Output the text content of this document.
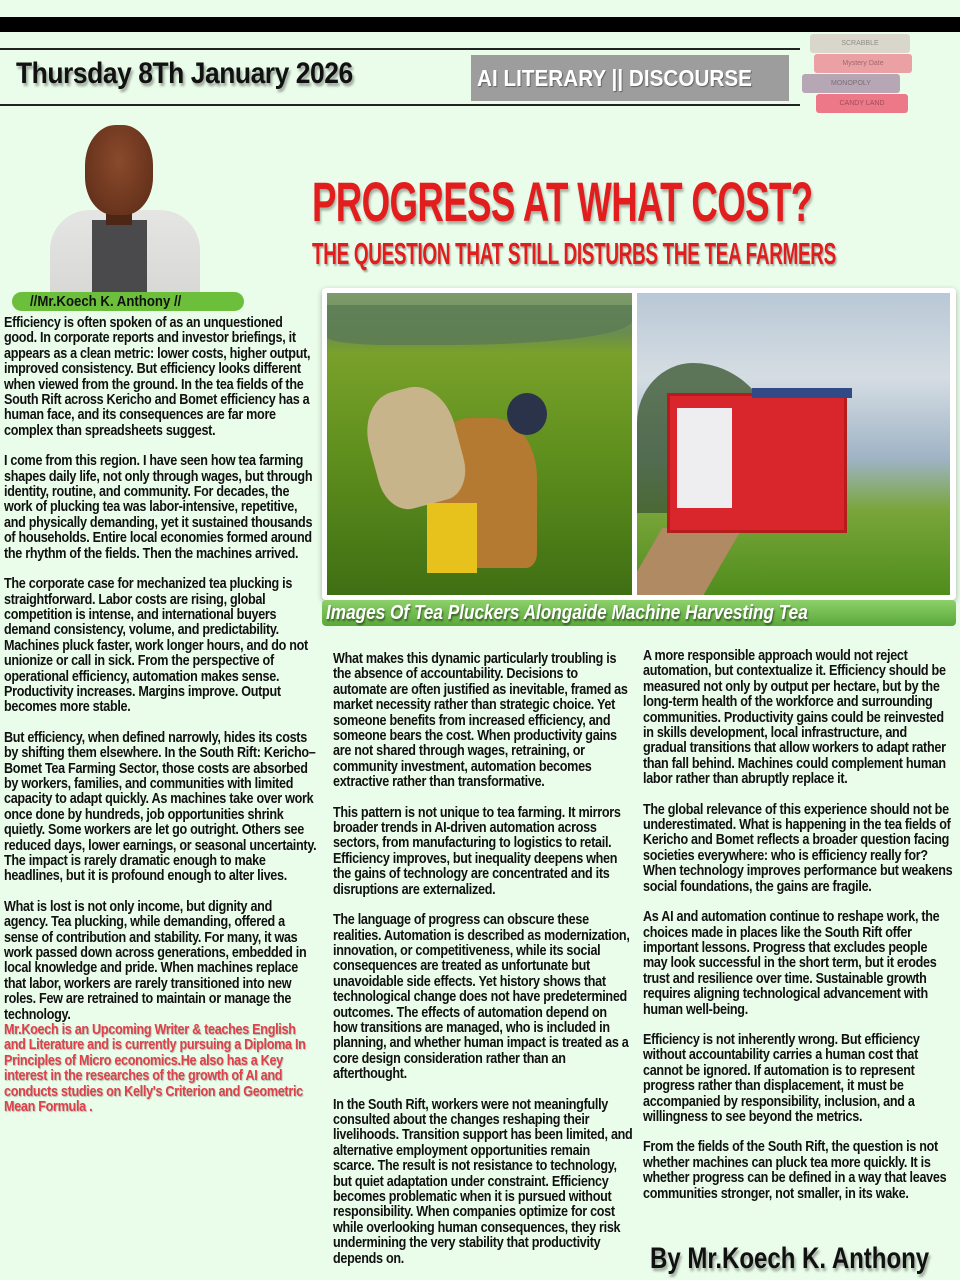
Thursday 8Th January 2026	AI LITERARY || DISCOURSE
SCRABBLE
Mystery Date
MONOPOLY
CANDY LAND
//Mr.Koech K. Anthony //
PROGRESS AT WHAT COST?
THE QUESTION THAT STILL DISTURBS THE TEA FARMERS
Images Of Tea Pluckers Alongaide Machine Harvesting Tea

Efficiency is often spoken of as an unquestioned good. In corporate reports and investor briefings, it appears as a clean metric: lower costs, higher output, improved consistency. But efficiency looks different when viewed from the ground. In the tea fields of the South Rift across Kericho and Bomet efficiency has a human face, and its consequences are far more complex than spreadsheets suggest.

I come from this region. I have seen how tea farming shapes daily life, not only through wages, but through identity, routine, and community. For decades, the work of plucking tea was labor-intensive, repetitive, and physically demanding, yet it sustained thousands of households. Entire local economies formed around the rhythm of the fields. Then the machines arrived.

The corporate case for mechanized tea plucking is straightforward. Labor costs are rising, global competition is intense, and international buyers demand consistency, volume, and predictability. Machines pluck faster, work longer hours, and do not unionize or call in sick. From the perspective of operational efficiency, automation makes sense. Productivity increases. Margins improve. Output becomes more stable.

But efficiency, when defined narrowly, hides its costs by shifting them elsewhere. In the South Rift: Kericho–Bomet Tea Farming Sector, those costs are absorbed by workers, families, and communities with limited capacity to adapt quickly. As machines take over work once done by hundreds, job opportunities shrink quietly. Some workers are let go outright. Others see reduced days, lower earnings, or seasonal uncertainty. The impact is rarely dramatic enough to make headlines, but it is profound enough to alter lives.

What is lost is not only income, but dignity and agency. Tea plucking, while demanding, offered a sense of contribution and stability. For many, it was work passed down across generations, embedded in local knowledge and pride. When machines replace that labor, workers are rarely transitioned into new roles. Few are retrained to maintain or manage the technology.

Mr.Koech is an Upcoming Writer & teaches English and Literature and is currently pursuing a Diploma In Principles of Micro economics.He also has a Key interest in the researches of the growth of AI and conducts studies on Kelly's Criterion and Geometric Mean Formula .

What makes this dynamic particularly troubling is the absence of accountability. Decisions to automate are often justified as inevitable, framed as market necessity rather than strategic choice. Yet someone benefits from increased efficiency, and someone bears the cost. When productivity gains are not shared through wages, retraining, or community investment, automation becomes extractive rather than transformative.

This pattern is not unique to tea farming. It mirrors broader trends in AI-driven automation across sectors, from manufacturing to logistics to retail. Efficiency improves, but inequality deepens when the gains of technology are concentrated and its disruptions are externalized.

The language of progress can obscure these realities. Automation is described as modernization, innovation, or competitiveness, while its social consequences are treated as unfortunate but unavoidable side effects. Yet history shows that technological change does not have predetermined outcomes. The effects of automation depend on how transitions are managed, who is included in planning, and whether human impact is treated as a core design consideration rather than an afterthought.

In the South Rift, workers were not meaningfully consulted about the changes reshaping their livelihoods. Transition support has been limited, and alternative employment opportunities remain scarce. The result is not resistance to technology, but quiet adaptation under constraint. Efficiency becomes problematic when it is pursued without responsibility. When companies optimize for cost while overlooking human consequences, they risk undermining the very stability that productivity depends on.

A more responsible approach would not reject automation, but contextualize it. Efficiency should be measured not only by output per hectare, but by the long-term health of the workforce and surrounding communities. Productivity gains could be reinvested in skills development, local infrastructure, and gradual transitions that allow workers to adapt rather than fall behind. Machines could complement human labor rather than abruptly replace it.

The global relevance of this experience should not be underestimated. What is happening in the tea fields of Kericho and Bomet reflects a broader question facing societies everywhere: who is efficiency really for? When technology improves performance but weakens social foundations, the gains are fragile.

As AI and automation continue to reshape work, the choices made in places like the South Rift offer important lessons. Progress that excludes people may look successful in the short term, but it erodes trust and resilience over time. Sustainable growth requires aligning technological advancement with human well-being.

Efficiency is not inherently wrong. But efficiency without accountability carries a human cost that cannot be ignored. If automation is to represent progress rather than displacement, it must be accompanied by responsibility, inclusion, and a willingness to see beyond the metrics.

From the fields of the South Rift, the question is not whether machines can pluck tea more quickly. It is whether progress can be defined in a way that leaves communities stronger, not smaller, in its wake.

By Mr.Koech K. Anthony
